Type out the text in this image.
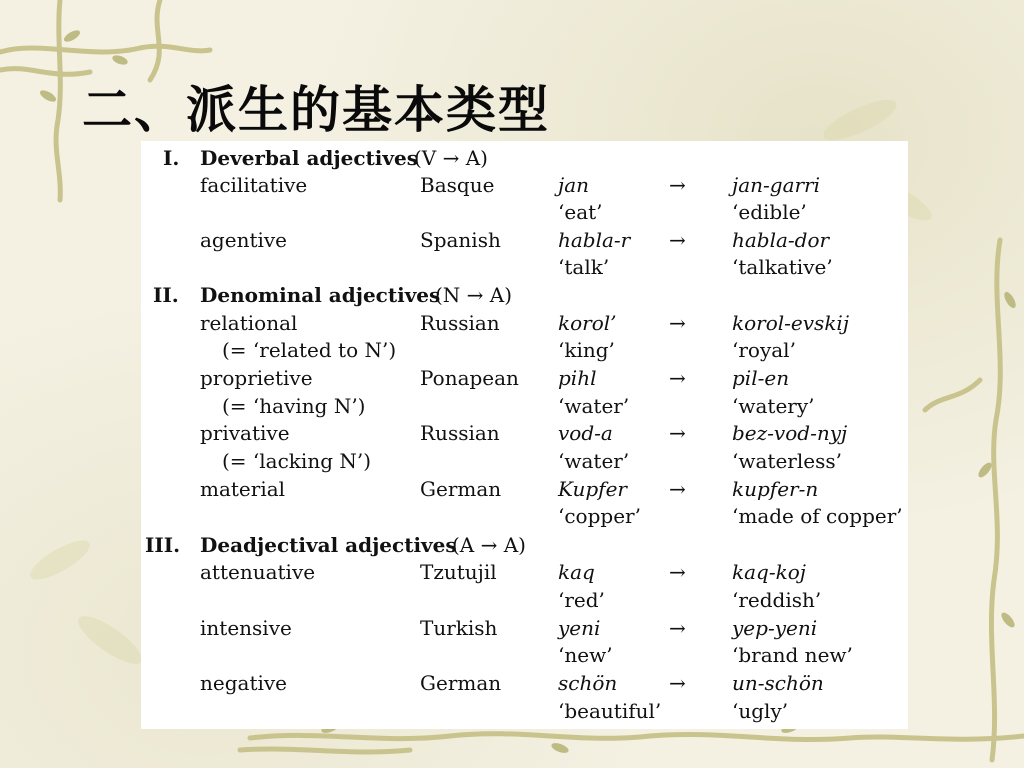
二、派生的基本类型
I. Deverbal adjectives
(V → A)
facilitative	Basque	jan	→ jan-garri
‘eat’	‘edible’
agentive	Spanish	habla-r → habla-dor
‘talk’	‘talkative’
II. Denominal adjectives
(N → A)
relational	Russian	korol’	→ korol-evskij
(= ‘related to N’)	‘king’	‘royal’
proprietive	Ponapean pihl	→ pil-en
(= ‘having N’)	‘water’	‘watery’
privative	Russian	vod-a	→ bez-vod-nyj
(= ‘lacking N’)	‘water’	‘waterless’
material	German	Kupfer → kupfer-n
‘copper’	‘made of copper’
III. Deadjectival adjectives
(A → A)
attenuative	Tzutujil	kaq	→ kaq-koj
‘red’	‘reddish’
intensive	Turkish	yeni	→ yep-yeni
‘new’	‘brand new’
negative	German	schön	→ un-schön
‘beautiful’	‘ugly’
